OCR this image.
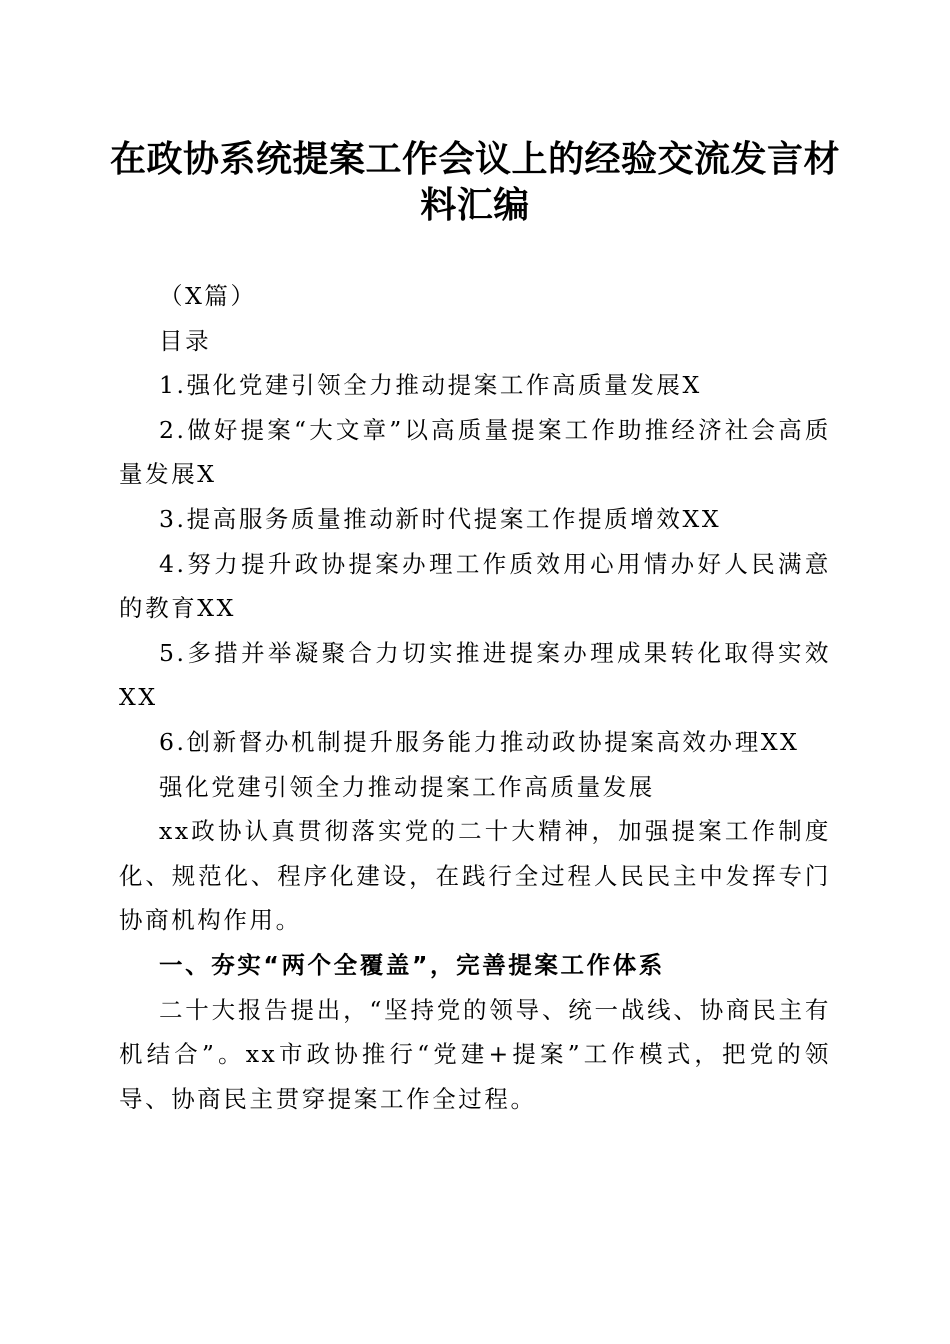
在政协系统提案工作会议上的经验交流发言材料汇编

（X篇）

目录

1.强化党建引领全力推动提案工作高质量发展X

2.做好提案“大文章”以高质量提案工作助推经济社会高质量发展X

3.提高服务质量推动新时代提案工作提质增效XX

4.努力提升政协提案办理工作质效用心用情办好人民满意的教育XX

5.多措并举凝聚合力切实推进提案办理成果转化取得实效XX

6.创新督办机制提升服务能力推动政协提案高效办理XX

强化党建引领全力推动提案工作高质量发展

xx政协认真贯彻落实党的二十大精神，加强提案工作制度化、规范化、程序化建设，在践行全过程人民民主中发挥专门协商机构作用。

一、夯实“两个全覆盖”，完善提案工作体系

二十大报告提出，“坚持党的领导、统一战线、协商民主有机结合”。xx市政协推行“党建+提案”工作模式，把党的领导、协商民主贯穿提案工作全过程。
